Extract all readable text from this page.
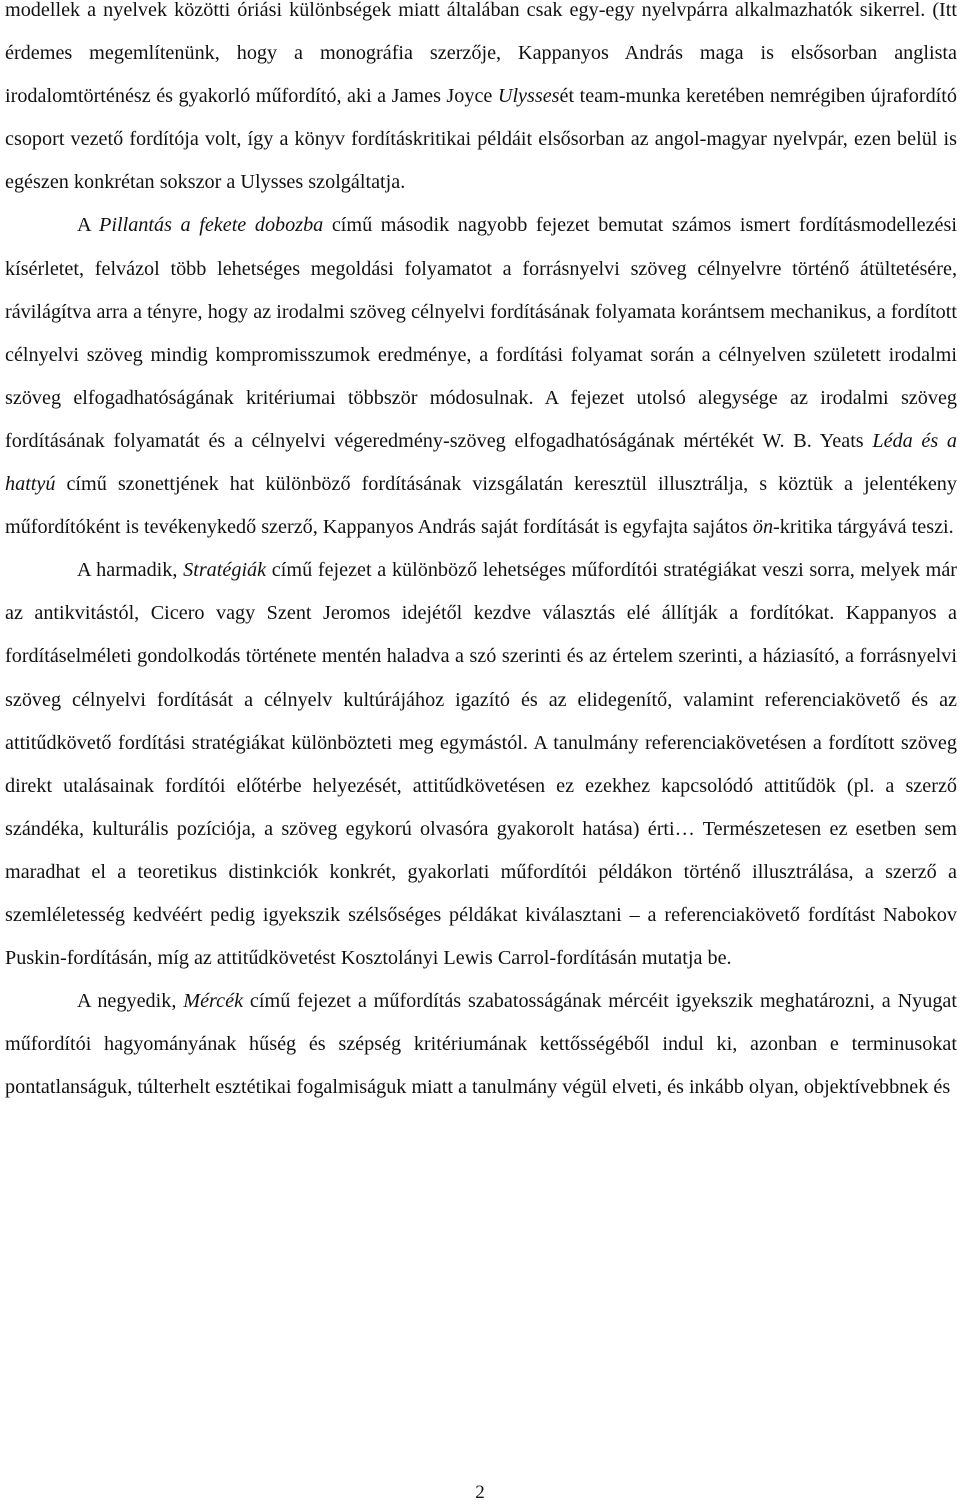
modellek a nyelvek közötti óriási különbségek miatt általában csak egy-egy nyelvpárra alkalmazhatók sikerrel. (Itt érdemes megemlítenünk, hogy a monográfia szerzője, Kappanyos András maga is elsősorban anglista irodalomtörténész és gyakorló műfordító, aki a James Joyce Ulyssesét team-munka keretében nemrégiben újrafordító csoport vezető fordítója volt, így a könyv fordításkritikai példáit elsősorban az angol-magyar nyelvpár, ezen belül is egészen konkrétan sokszor a Ulysses szolgáltatja.

A Pillantás a fekete dobozba című második nagyobb fejezet bemutat számos ismert fordításmodellezési kísérletet, felvázol több lehetséges megoldási folyamatot a forrásnyelvi szöveg célnyelvre történő átültetésére, rávilágítva arra a tényre, hogy az irodalmi szöveg célnyelvi fordításának folyamata korántsem mechanikus, a fordított célnyelvi szöveg mindig kompromisszumok eredménye, a fordítási folyamat során a célnyelven született irodalmi szöveg elfogadhatóságának kritériumai többször módosulnak. A fejezet utolsó alegysége az irodalmi szöveg fordításának folyamatát és a célnyelvi végeredmény-szöveg elfogadhatóságának mértékét W. B. Yeats Léda és a hattyú című szonettjének hat különböző fordításának vizsgálatán keresztül illusztrálja, s köztük a jelentékeny műfordítóként is tevékenykedő szerző, Kappanyos András saját fordítását is egyfajta sajátos ön-kritika tárgyává teszi.

A harmadik, Stratégiák című fejezet a különböző lehetséges műfordítói stratégiákat veszi sorra, melyek már az antikvitástól, Cicero vagy Szent Jeromos idejétől kezdve választás elé állítják a fordítókat. Kappanyos a fordításelméleti gondolkodás története mentén haladva a szó szerinti és az értelem szerinti, a háziasító, a forrásnyelvi szöveg célnyelvi fordítását a célnyelv kultúrájához igazító és az elidegenítő, valamint referenciakövető és az attitűdkövető fordítási stratégiákat különbözteti meg egymástól. A tanulmány referenciakövetésen a fordított szöveg direkt utalásainak fordítói előtérbe helyezését, attitűdkövetésen ez ezekhez kapcsolódó attitűdök (pl. a szerző szándéka, kulturális pozíciója, a szöveg egykorú olvasóra gyakorolt hatása) érti… Természetesen ez esetben sem maradhat el a teoretikus distinkciók konkrét, gyakorlati műfordítói példákon történő illusztrálása, a szerző a szemléletesség kedvéért pedig igyekszik szélsőséges példákat kiválasztani – a referenciakövető fordítást Nabokov Puskin-fordításán, míg az attitűdkövetést Kosztolányi Lewis Carrol-fordításán mutatja be.

A negyedik, Mércék című fejezet a műfordítás szabatosságának mércéit igyekszik meghatározni, a Nyugat műfordítói hagyományának hűség és szépség kritériumának kettősségéből indul ki, azonban e terminusokat pontatlanságuk, túlterhelt esztétikai fogalmiságuk miatt a tanulmány végül elveti, és inkább olyan, objektívebbnek és

2
